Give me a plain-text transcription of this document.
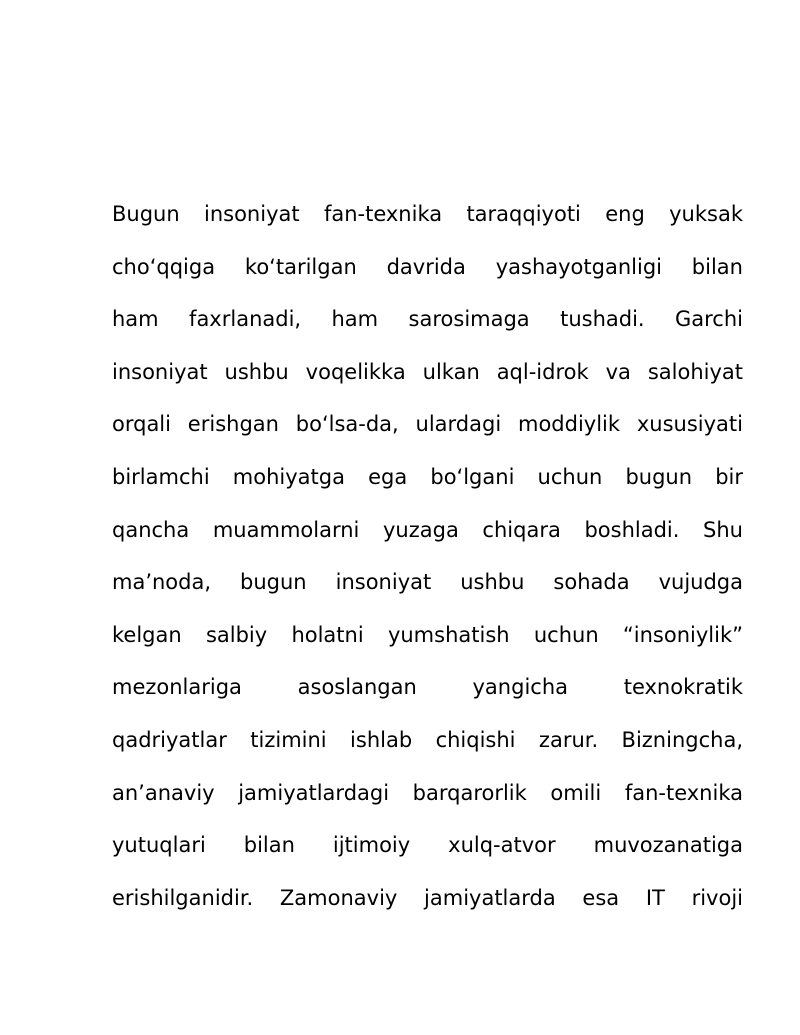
Bugun insoniyat fan-texnika taraqqiyoti eng yuksak
cho‘qqiga ko‘tarilgan davrida yashayotganligi bilan
ham faxrlanadi, ham sarosimaga tushadi. Garchi
insoniyat ushbu voqelikka ulkan aql-idrok va salohiyat
orqali erishgan bo‘lsa-da, ulardagi moddiylik xususiyati
birlamchi mohiyatga ega bo‘lgani uchun bugun bir
qancha muammolarni yuzaga chiqara boshladi. Shu
ma’noda, bugun insoniyat ushbu sohada vujudga
kelgan salbiy holatni yumshatish uchun “insoniylik”
mezonlariga asoslangan yangicha texnokratik
qadriyatlar tizimini ishlab chiqishi zarur. Bizningcha,
an’anaviy jamiyatlardagi barqarorlik omili fan-texnika
yutuqlari bilan ijtimoiy xulq-atvor muvozanatiga
erishilganidir. Zamonaviy jamiyatlarda esa IT rivoji
